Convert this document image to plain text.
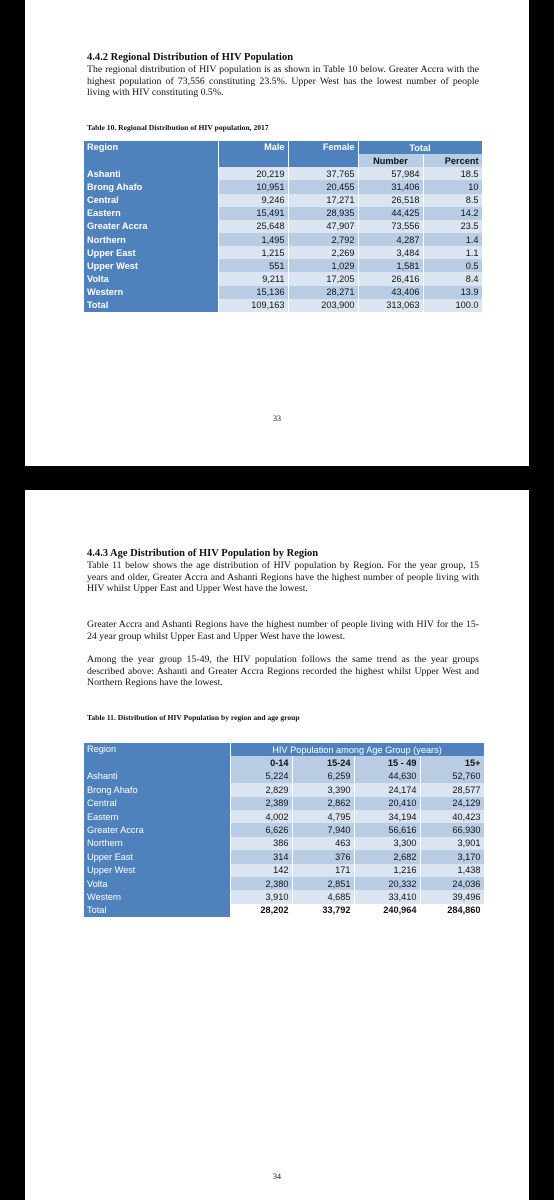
4.4.2 Regional Distribution of HIV Population
The regional distribution of HIV population is as shown in Table 10 below. Greater Accra with the highest population of 73,556 constituting 23.5%. Upper West has the lowest number of people living with HIV constituting 0.5%.
Table 10. Regional Distribution of HIV population, 2017
Region	Male	Female	Total	
			Number	Percent
Ashanti	20,219	37,765	57,984	18.5
Brong Ahafo	10,951	20,455	31,406	10
Central	9,246	17,271	26,518	8.5
Eastern	15,491	28,935	44,425	14.2
Greater Accra	25,648	47,907	73,556	23.5
Northern	1,495	2,792	4,287	1.4
Upper East	1,215	2,269	3,484	1.1
Upper West	551	1,029	1,581	0.5
Volta	9,211	17,205	26,416	8.4
Western	15,136	28,271	43,406	13.9
Total	109,163	203,900	313,063	100.0
33
4.4.3 Age Distribution of HIV Population by Region
Table 11 below shows the age distribution of HIV population by Region. For the year group, 15 years and older, Greater Accra and Ashanti Regions have the highest number of people living with HIV whilst Upper East and Upper West have the lowest.
Greater Accra and Ashanti Regions have the highest number of people living with HIV for the 15-24 year group whilst Upper East and Upper West have the lowest.
Among the year group 15-49, the HIV population follows the same trend as the year groups described above: Ashanti and Greater Accra Regions recorded the highest whilst Upper West and Northern Regions have the lowest.
Table 11. Distribution of HIV Population by region and age group
Region	HIV Population among Age Group (years)			
	0-14	15-24	15 - 49	15+
Ashanti	5,224	6,259	44,630	52,760
Brong Ahafo	2,829	3,390	24,174	28,577
Central	2,389	2,862	20,410	24,129
Eastern	4,002	4,795	34,194	40,423
Greater Accra	6,626	7,940	56,616	66,930
Northern	386	463	3,300	3,901
Upper East	314	376	2,682	3,170
Upper West	142	171	1,216	1,438
Volta	2,380	2,851	20,332	24,036
Western	3,910	4,685	33,410	39,496
Total	28,202	33,792	240,964	284,860
34
